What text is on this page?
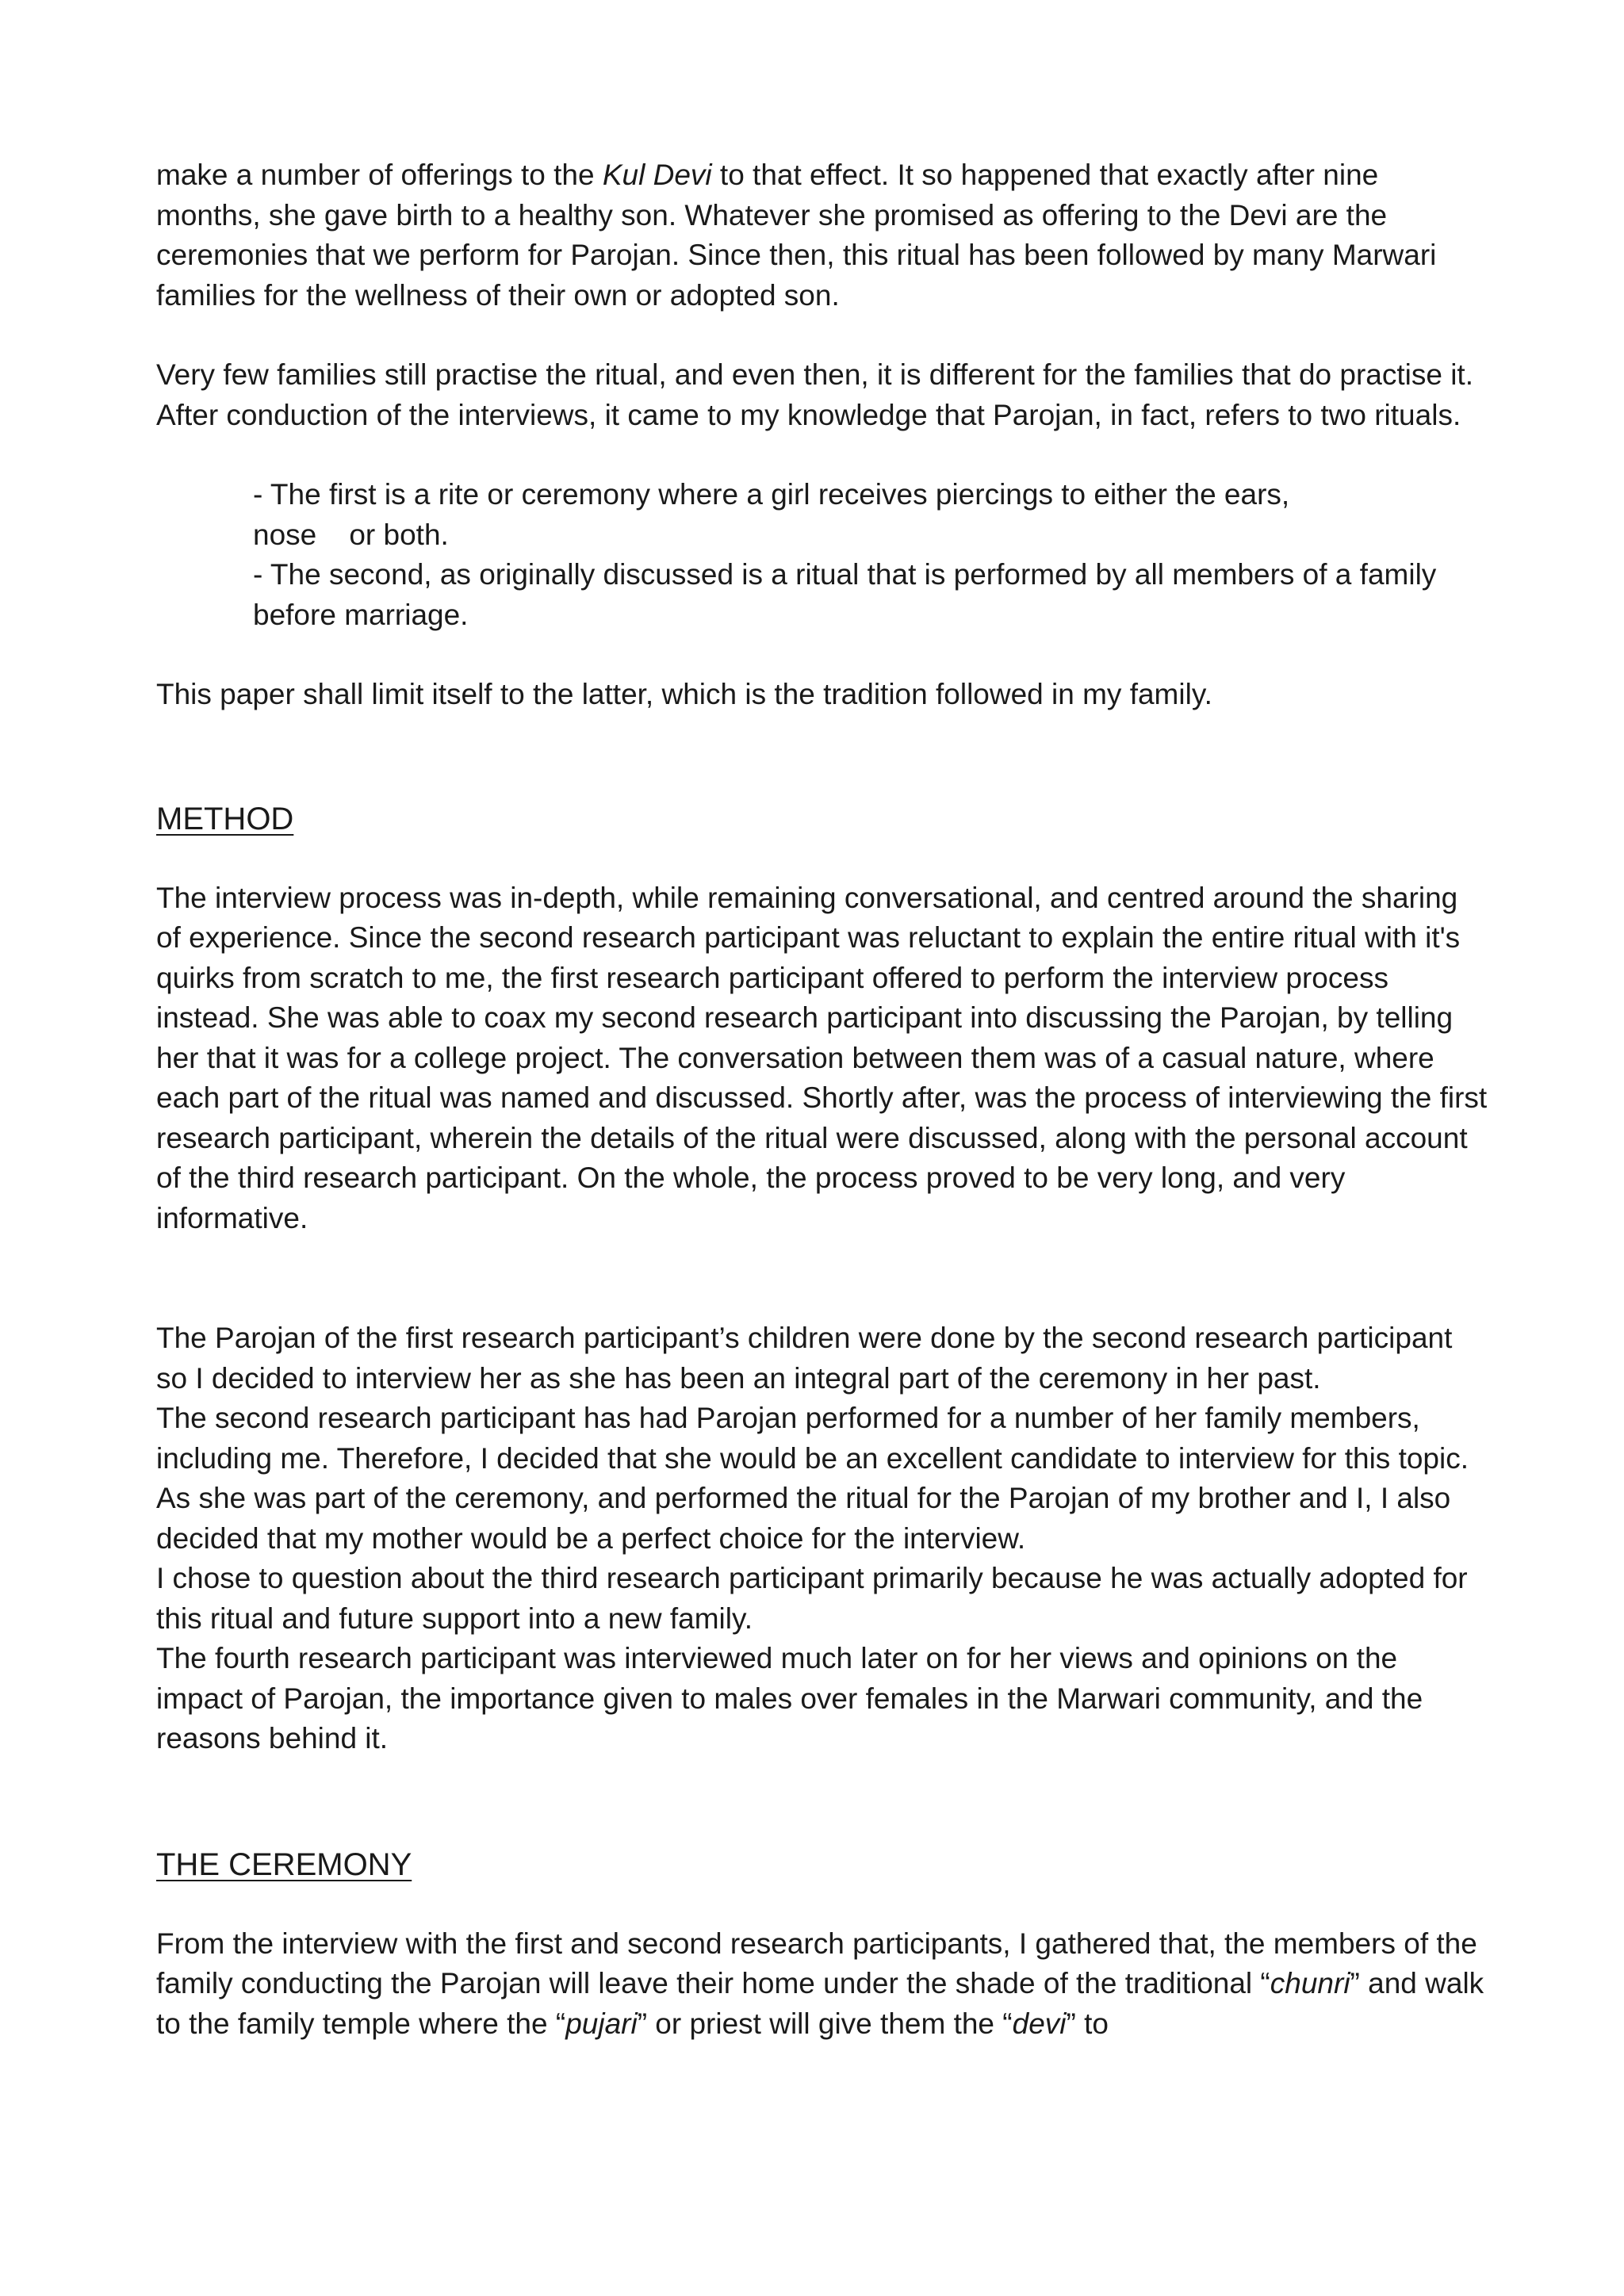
make a number of offerings to the Kul Devi to that effect. It so happened that exactly after nine months, she gave birth to a healthy son. Whatever she promised as offering to the Devi are the ceremonies that we perform for Parojan. Since then, this ritual has been followed by many Marwari families for the wellness of their own or adopted son.

Very few families still practise the ritual, and even then, it is different for the families that do practise it. After conduction of the interviews, it came to my knowledge that Parojan, in fact, refers to two rituals.

- The first is a rite or ceremony where a girl receives piercings to either the ears,

nose    or both.

- The second, as originally discussed is a ritual that is performed by all members of a family before marriage.

This paper shall limit itself to the latter, which is the tradition followed in my family.

METHOD

The interview process was in-depth, while remaining conversational, and centred around the sharing of experience. Since the second research participant was reluctant to explain the entire ritual with it's quirks from scratch to me, the first research participant offered to perform the interview process instead. She was able to coax my second research participant into discussing the Parojan, by telling her that it was for a college project. The conversation between them was of a casual nature, where each part of the ritual was named and discussed. Shortly after, was the process of interviewing the first research participant, wherein the details of the ritual were discussed, along with the personal account of the third research participant. On the whole, the process proved to be very long, and very informative.

The Parojan of the first research participant’s children were done by the second research participant so I decided to interview her as she has been an integral part of the ceremony in her past.

The second research participant has had Parojan performed for a number of her family members, including me. Therefore, I decided that she would be an excellent candidate to interview for this topic. As she was part of the ceremony, and performed the ritual for the Parojan of my brother and I, I also decided that my mother would be a perfect choice for the interview.

I chose to question about the third research participant primarily because he was actually adopted for this ritual and future support into a new family.

The fourth research participant was interviewed much later on for her views and opinions on the impact of Parojan, the importance given to males over females in the Marwari community, and the reasons behind it.

THE CEREMONY

From the interview with the first and second research participants, I gathered that, the members of the family conducting the Parojan will leave their home under the shade of the traditional “chunri” and walk to the family temple where the “pujari” or priest will give them the “devi” to
